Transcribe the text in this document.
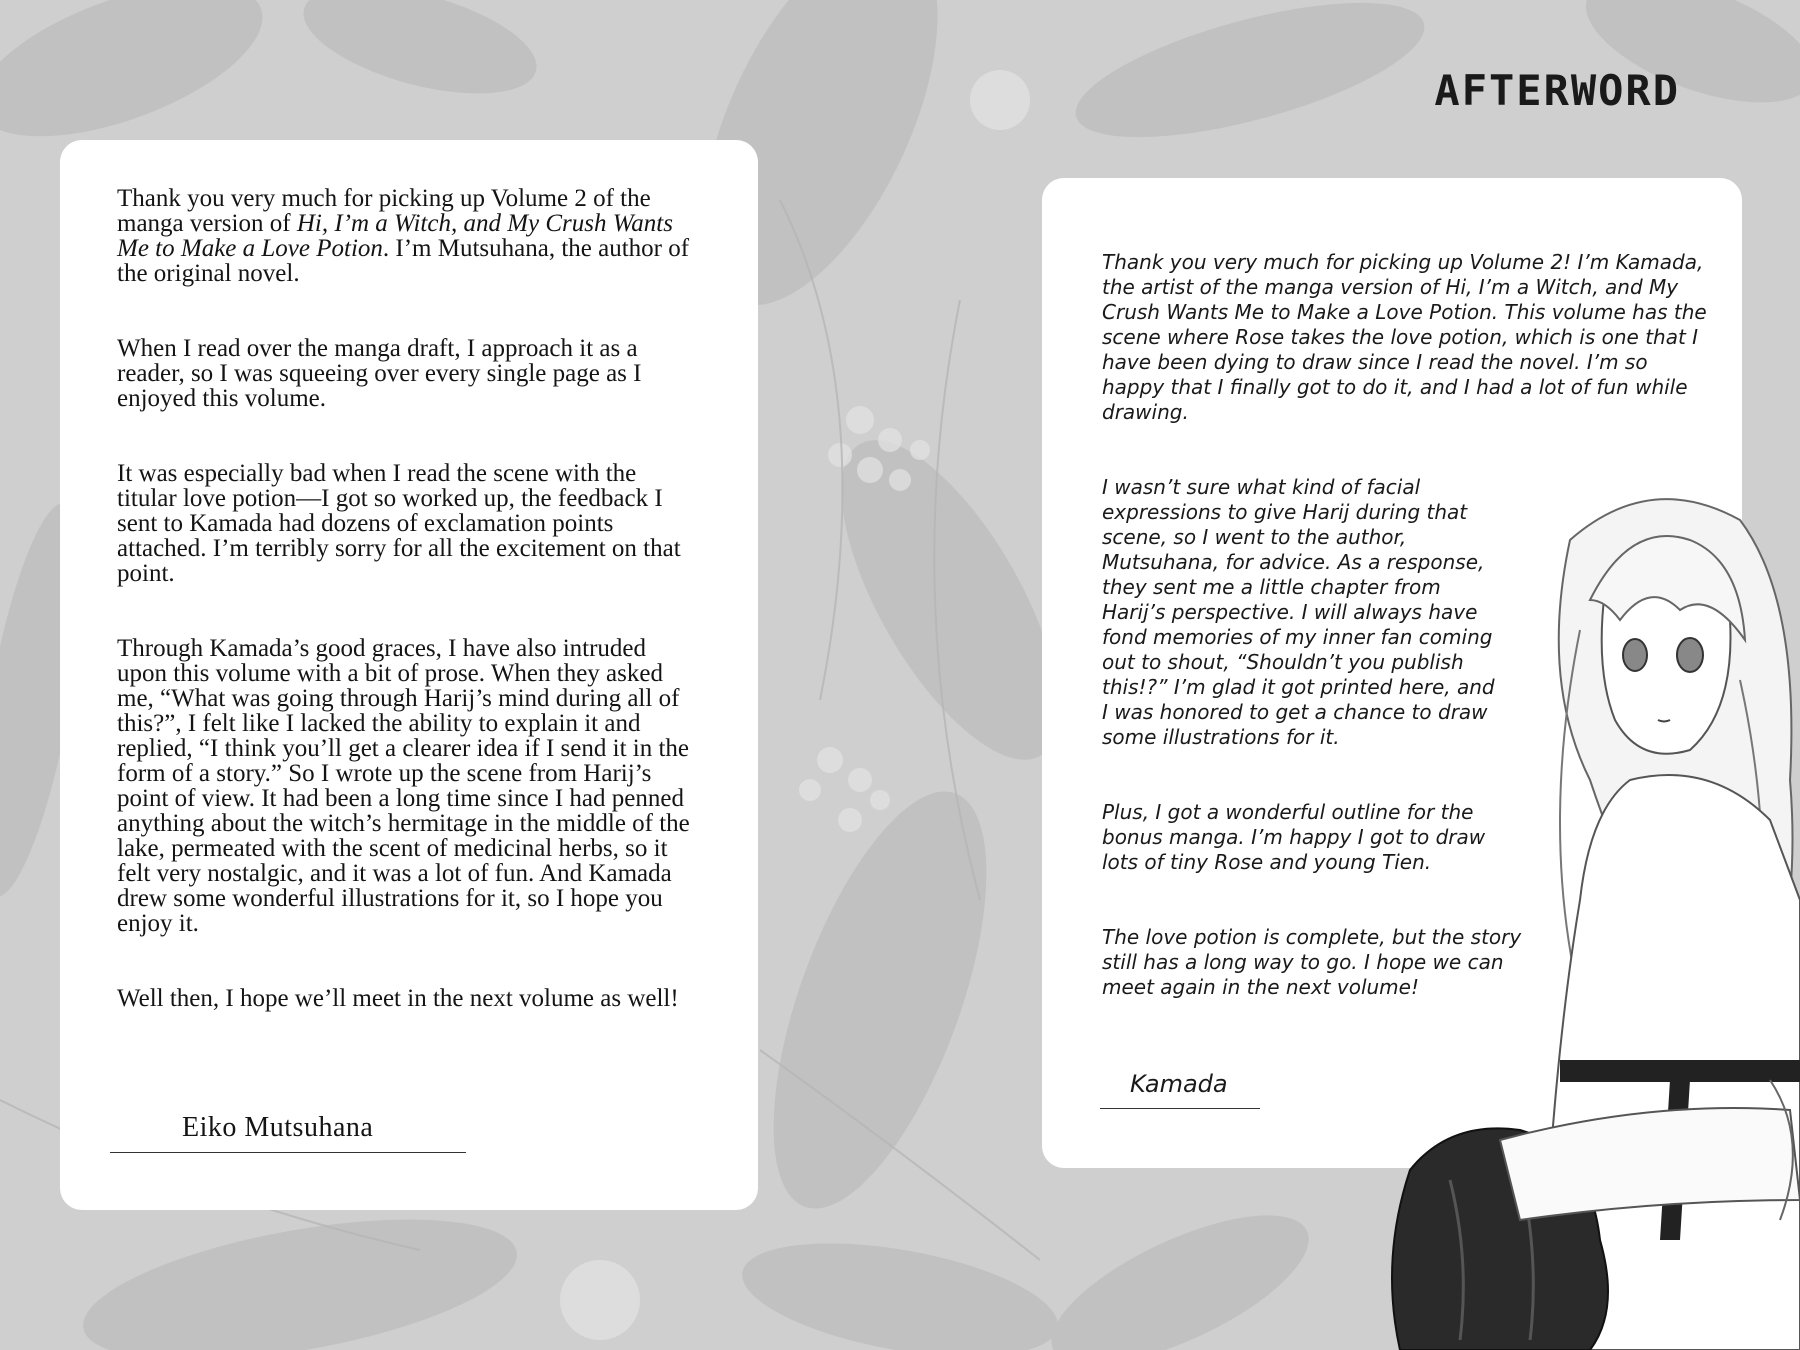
AFTERWORD

Thank you very much for picking up Volume 2 of the manga version of Hi, I’m a Witch, and My Crush Wants Me to Make a Love Potion. I’m Mutsuhana, the author of the original novel.

When I read over the manga draft, I approach it as a reader, so I was squeeing over every single page as I enjoyed this volume.

It was especially bad when I read the scene with the titular love potion—I got so worked up, the feedback I sent to Kamada had dozens of exclamation points attached. I’m terribly sorry for all the excitement on that point.

Through Kamada’s good graces, I have also intruded upon this volume with a bit of prose. When they asked me, “What was going through Harij’s mind during all of this?”, I felt like I lacked the ability to explain it and replied, “I think you’ll get a clearer idea if I send it in the form of a story.” So I wrote up the scene from Harij’s point of view. It had been a long time since I had penned anything about the witch’s hermitage in the middle of the lake, permeated with the scent of medicinal herbs, so it felt very nostalgic, and it was a lot of fun. And Kamada drew some wonderful illustrations for it, so I hope you enjoy it.

Well then, I hope we’ll meet in the next volume as well!

Eiko Mutsuhana

Thank you very much for picking up Volume 2! I’m Kamada, the artist of the manga version of Hi, I’m a Witch, and My Crush Wants Me to Make a Love Potion. This volume has the scene where Rose takes the love potion, which is one that I have been dying to draw since I read the novel. I’m so happy that I finally got to do it, and I had a lot of fun while drawing.

I wasn’t sure what kind of facial expressions to give Harij during that scene, so I went to the author, Mutsuhana, for advice. As a response, they sent me a little chapter from Harij’s perspective. I will always have fond memories of my inner fan coming out to shout, “Shouldn’t you publish this!?” I’m glad it got printed here, and I was honored to get a chance to draw some illustrations for it.

Plus, I got a wonderful outline for the bonus manga. I’m happy I got to draw lots of tiny Rose and young Tien.

The love potion is complete, but the story still has a long way to go. I hope we can meet again in the next volume!

Kamada
